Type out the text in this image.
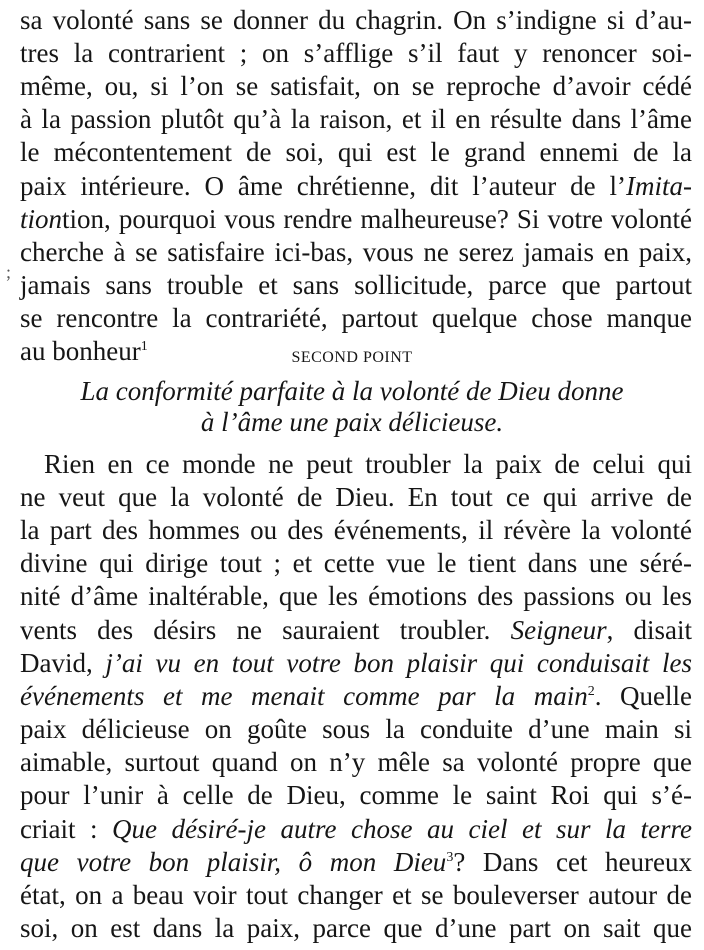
;
sa volonté sans se donner du chagrin. On s’indigne si d’au-
tres la contrarient ; on s’afflige s’il faut y renoncer soi-
même, ou, si l’on se satisfait, on se reproche d’avoir cédé
à la passion plutôt qu’à la raison, et il en résulte dans l’âme
le mécontentement de soi, qui est le grand ennemi de la
paix intérieure. O âme chrétienne, dit l’auteur de l’Imita-
tiontion, pourquoi vous rendre malheureuse? Si votre volonté
cherche à se satisfaire ici-bas, vous ne serez jamais en paix,
jamais sans trouble et sans sollicitude, parce que partout
se rencontre la contrariété, partout quelque chose manque
au bonheur$^1$
SECOND POINT
La conformité parfaite à la volonté de Dieu donne
à l’âme une paix délicieuse.
Rien en ce monde ne peut troubler la paix de celui qui
ne veut que la volonté de Dieu. En tout ce qui arrive de
la part des hommes ou des événements, il révère la volonté
divine qui dirige tout ; et cette vue le tient dans une séré-
nité d’âme inaltérable, que les émotions des passions ou les
vents des désirs ne sauraient troubler. Seigneur, disait
David, j’ai vu en tout votre bon plaisir qui conduisait les
événements et me menait comme par la main$^2$. Quelle
paix délicieuse on goûte sous la conduite d’une main si
aimable, surtout quand on n’y mêle sa volonté propre que
pour l’unir à celle de Dieu, comme le saint Roi qui s’é-
criait : Que désiré-je autre chose au ciel et sur la terre
que votre bon plaisir, ô mon Dieu$^3$? Dans cet heureux
état, on a beau voir tout changer et se bouleverser autour de
soi, on est dans la paix, parce que d’une part on sait que
